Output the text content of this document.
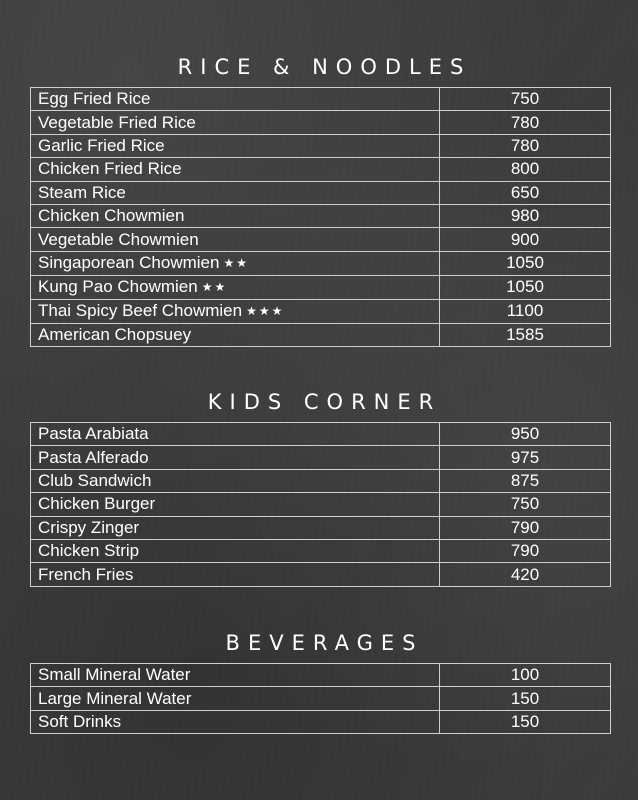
RICE & NOODLES
Egg Fried Rice	750
Vegetable Fried Rice	780
Garlic Fried Rice	780
Chicken Fried Rice	800
Steam Rice	650
Chicken Chowmien	980
Vegetable Chowmien	900
Singaporean Chowmien ★★	1050
Kung Pao Chowmien ★★	1050
Thai Spicy Beef Chowmien ★★★	1100
American Chopsuey	1585
KIDS CORNER
Pasta Arabiata	950
Pasta Alferado	975
Club Sandwich	875
Chicken Burger	750
Crispy Zinger	790
Chicken Strip	790
French Fries	420
BEVERAGES
Small Mineral Water	100
Large Mineral Water	150
Soft Drinks	150
